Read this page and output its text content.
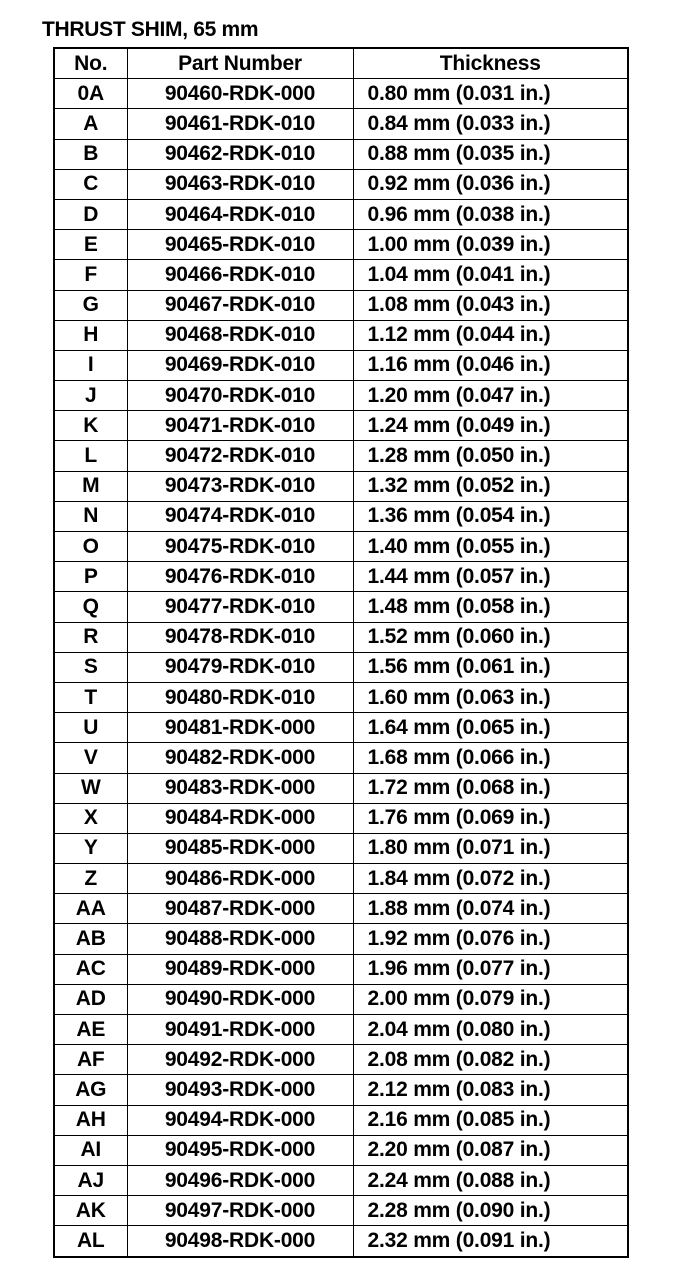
THRUST SHIM, 65 mm
No.	Part Number	Thickness
0A	90460-RDK-000	0.80 mm (0.031 in.)
A	90461-RDK-010	0.84 mm (0.033 in.)
B	90462-RDK-010	0.88 mm (0.035 in.)
C	90463-RDK-010	0.92 mm (0.036 in.)
D	90464-RDK-010	0.96 mm (0.038 in.)
E	90465-RDK-010	1.00 mm (0.039 in.)
F	90466-RDK-010	1.04 mm (0.041 in.)
G	90467-RDK-010	1.08 mm (0.043 in.)
H	90468-RDK-010	1.12 mm (0.044 in.)
I	90469-RDK-010	1.16 mm (0.046 in.)
J	90470-RDK-010	1.20 mm (0.047 in.)
K	90471-RDK-010	1.24 mm (0.049 in.)
L	90472-RDK-010	1.28 mm (0.050 in.)
M	90473-RDK-010	1.32 mm (0.052 in.)
N	90474-RDK-010	1.36 mm (0.054 in.)
O	90475-RDK-010	1.40 mm (0.055 in.)
P	90476-RDK-010	1.44 mm (0.057 in.)
Q	90477-RDK-010	1.48 mm (0.058 in.)
R	90478-RDK-010	1.52 mm (0.060 in.)
S	90479-RDK-010	1.56 mm (0.061 in.)
T	90480-RDK-010	1.60 mm (0.063 in.)
U	90481-RDK-000	1.64 mm (0.065 in.)
V	90482-RDK-000	1.68 mm (0.066 in.)
W	90483-RDK-000	1.72 mm (0.068 in.)
X	90484-RDK-000	1.76 mm (0.069 in.)
Y	90485-RDK-000	1.80 mm (0.071 in.)
Z	90486-RDK-000	1.84 mm (0.072 in.)
AA	90487-RDK-000	1.88 mm (0.074 in.)
AB	90488-RDK-000	1.92 mm (0.076 in.)
AC	90489-RDK-000	1.96 mm (0.077 in.)
AD	90490-RDK-000	2.00 mm (0.079 in.)
AE	90491-RDK-000	2.04 mm (0.080 in.)
AF	90492-RDK-000	2.08 mm (0.082 in.)
AG	90493-RDK-000	2.12 mm (0.083 in.)
AH	90494-RDK-000	2.16 mm (0.085 in.)
AI	90495-RDK-000	2.20 mm (0.087 in.)
AJ	90496-RDK-000	2.24 mm (0.088 in.)
AK	90497-RDK-000	2.28 mm (0.090 in.)
AL	90498-RDK-000	2.32 mm (0.091 in.)
